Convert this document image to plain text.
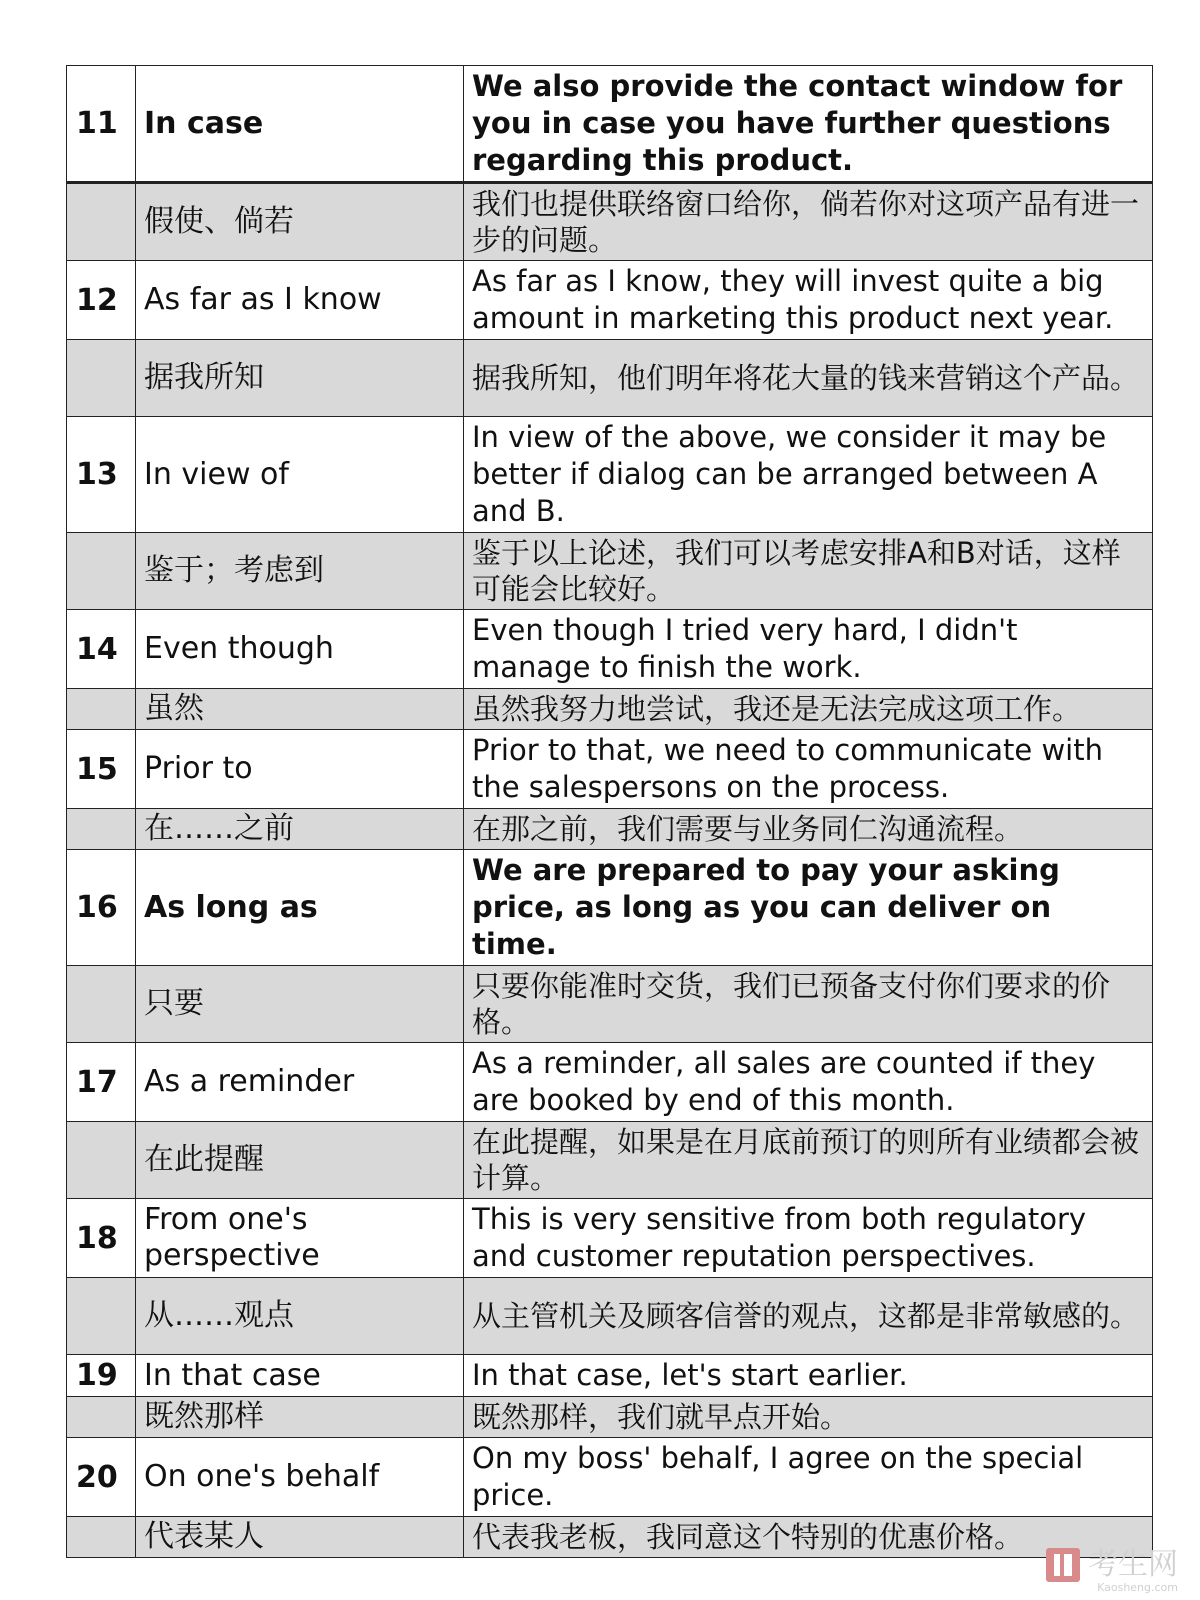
11	In case	We also provide the contact window for you in case you have further questions regarding this product.
	假使、倘若	我们也提供联络窗口给你，倘若你对这项产品有进一步的问题。
12	As far as I know	As far as I know, they will invest quite a big amount in marketing this product next year.
	据我所知	据我所知，他们明年将花大量的钱来营销这个产品。
13	In view of	In view of the above, we consider it may be better if dialog can be arranged between A and B.
	鉴于；考虑到	鉴于以上论述，我们可以考虑安排A和B对话，这样可能会比较好。
14	Even though	Even though I tried very hard, I didn't manage to finish the work.
	虽然	虽然我努力地尝试，我还是无法完成这项工作。
15	Prior to	Prior to that, we need to communicate with the salespersons on the process.
	在……之前	在那之前，我们需要与业务同仁沟通流程。
16	As long as	We are prepared to pay your asking price, as long as you can deliver on time.
	只要	只要你能准时交货，我们已预备支付你们要求的价格。
17	As a reminder	As a reminder, all sales are counted if they are booked by end of this month.
	在此提醒	在此提醒，如果是在月底前预订的则所有业绩都会被计算。
18	From one's perspective	This is very sensitive from both regulatory and customer reputation perspectives.
	从……观点	从主管机关及顾客信誉的观点，这都是非常敏感的。
19	In that case	In that case, let's start earlier.
	既然那样	既然那样，我们就早点开始。
20	On one's behalf	On my boss' behalf, I agree on the special price.
	代表某人	代表我老板，我同意这个特别的优惠价格。
考生网
Kaosheng.com
